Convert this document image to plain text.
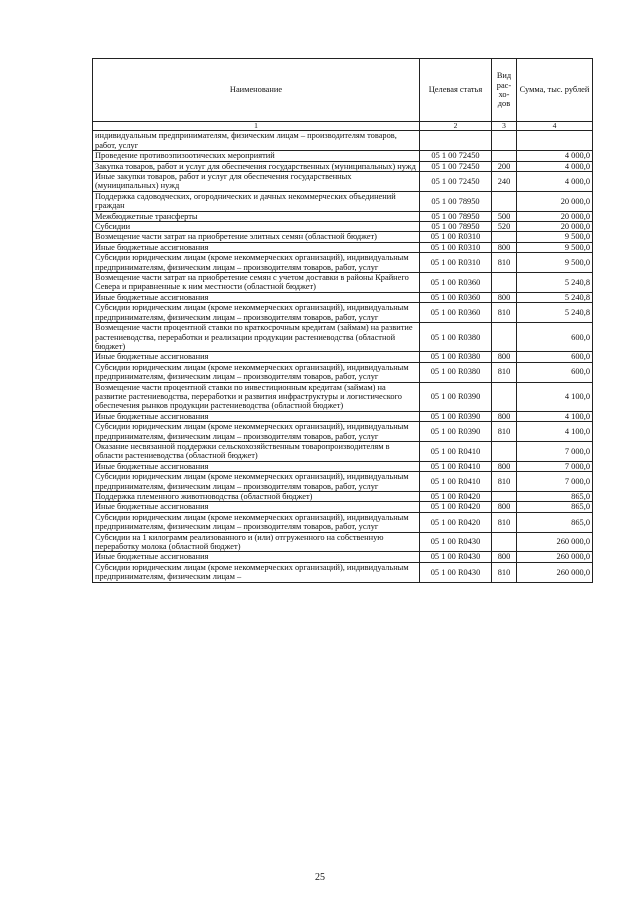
Наименование	Целевая статья	Вид рас-хо-дов	Сумма, тыс. рублей
1	2	3	4
индивидуальным предпринимателям, физическим лицам – производителям товаров, работ, услуг			
Проведение противоэпизоотических мероприятий	05 1 00 72450		4 000,0
Закупка товаров, работ и услуг для обеспечения государственных (муниципальных) нужд	05 1 00 72450	200	4 000,0
Иные закупки товаров, работ и услуг для обеспечения государственных (муниципальных) нужд	05 1 00 72450	240	4 000,0
Поддержка садоводческих, огороднических и дачных некоммерческих объединений граждан	05 1 00 78950		20 000,0
Межбюджетные трансферты	05 1 00 78950	500	20 000,0
Субсидии	05 1 00 78950	520	20 000,0
Возмещение части затрат на приобретение элитных семян (областной бюджет)	05 1 00 R0310		9 500,0
Иные бюджетные ассигнования	05 1 00 R0310	800	9 500,0
Субсидии юридическим лицам (кроме некоммерческих организаций), индивидуальным предпринимателям, физическим лицам – производителям товаров, работ, услуг	05 1 00 R0310	810	9 500,0
Возмещение части затрат на приобретение семян с учетом доставки в районы Крайнего Севера и приравненные к ним местности (областной бюджет)	05 1 00 R0360		5 240,8
Иные бюджетные ассигнования	05 1 00 R0360	800	5 240,8
Субсидии юридическим лицам (кроме некоммерческих организаций), индивидуальным предпринимателям, физическим лицам – производителям товаров, работ, услуг	05 1 00 R0360	810	5 240,8
Возмещение части процентной ставки по краткосрочным кредитам (займам) на развитие растениеводства, переработки и реализации продукции растениеводства (областной бюджет)	05 1 00 R0380		600,0
Иные бюджетные ассигнования	05 1 00 R0380	800	600,0
Субсидии юридическим лицам (кроме некоммерческих организаций), индивидуальным предпринимателям, физическим лицам – производителям товаров, работ, услуг	05 1 00 R0380	810	600,0
Возмещение части процентной ставки по инвестиционным кредитам (займам) на развитие растениеводства, переработки и развития инфраструктуры и логистического обеспечения рынков продукции растениеводства (областной бюджет)	05 1 00 R0390		4 100,0
Иные бюджетные ассигнования	05 1 00 R0390	800	4 100,0
Субсидии юридическим лицам (кроме некоммерческих организаций), индивидуальным предпринимателям, физическим лицам – производителям товаров, работ, услуг	05 1 00 R0390	810	4 100,0
Оказание несвязанной поддержки сельскохозяйственным товаропроизводителям в области растениеводства (областной бюджет)	05 1 00 R0410		7 000,0
Иные бюджетные ассигнования	05 1 00 R0410	800	7 000,0
Субсидии юридическим лицам (кроме некоммерческих организаций), индивидуальным предпринимателям, физическим лицам – производителям товаров, работ, услуг	05 1 00 R0410	810	7 000,0
Поддержка племенного животноводства (областной бюджет)	05 1 00 R0420		865,0
Иные бюджетные ассигнования	05 1 00 R0420	800	865,0
Субсидии юридическим лицам (кроме некоммерческих организаций), индивидуальным предпринимателям, физическим лицам – производителям товаров, работ, услуг	05 1 00 R0420	810	865,0
Субсидии на 1 килограмм реализованного и (или) отгруженного на собственную переработку молока (областной бюджет)	05 1 00 R0430		260 000,0
Иные бюджетные ассигнования	05 1 00 R0430	800	260 000,0
Субсидии юридическим лицам (кроме некоммерческих организаций), индивидуальным предпринимателям, физическим лицам –	05 1 00 R0430	810	260 000,0
25
